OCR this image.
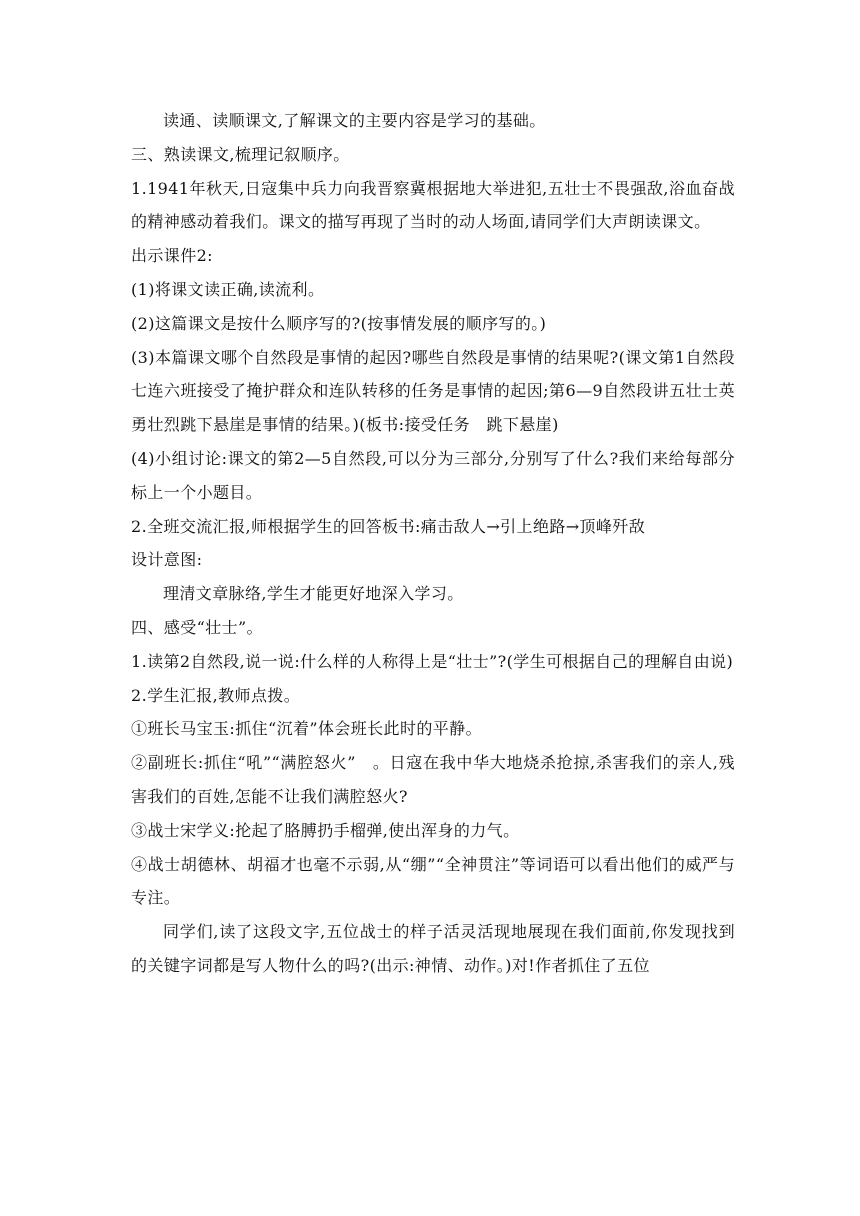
读通、读顺课文,了解课文的主要内容是学习的基础。

三、熟读课文,梳理记叙顺序。

1.1941年秋天,日寇集中兵力向我晋察冀根据地大举进犯,五壮士不畏强敌,浴血奋战的精神感动着我们。课文的描写再现了当时的动人场面,请同学们大声朗读课文。

出示课件2:

(1)将课文读正确,读流利。

(2)这篇课文是按什么顺序写的?(按事情发展的顺序写的。)

(3)本篇课文哪个自然段是事情的起因?哪些自然段是事情的结果呢?(课文第1自然段七连六班接受了掩护群众和连队转移的任务是事情的起因;第6—9自然段讲五壮士英勇壮烈跳下悬崖是事情的结果。)(板书:接受任务　跳下悬崖)

(4)小组讨论:课文的第2—5自然段,可以分为三部分,分别写了什么?我们来给每部分标上一个小题目。

2.全班交流汇报,师根据学生的回答板书:痛击敌人→引上绝路→顶峰歼敌

设计意图:

理清文章脉络,学生才能更好地深入学习。

四、感受“壮士”。

1.读第2自然段,说一说:什么样的人称得上是“壮士”?(学生可根据自己的理解自由说)

2.学生汇报,教师点拨。

①班长马宝玉:抓住“沉着”体会班长此时的平静。

②副班长:抓住“吼”“满腔怒火”　。日寇在我中华大地烧杀抢掠,杀害我们的亲人,残害我们的百姓,怎能不让我们满腔怒火?

③战士宋学义:抡起了胳膊扔手榴弹,使出浑身的力气。

④战士胡德林、胡福才也毫不示弱,从“绷”“全神贯注”等词语可以看出他们的威严与专注。

同学们,读了这段文字,五位战士的样子活灵活现地展现在我们面前,你发现找到的关键字词都是写人物什么的吗?(出示:神情、动作。)对!作者抓住了五位
